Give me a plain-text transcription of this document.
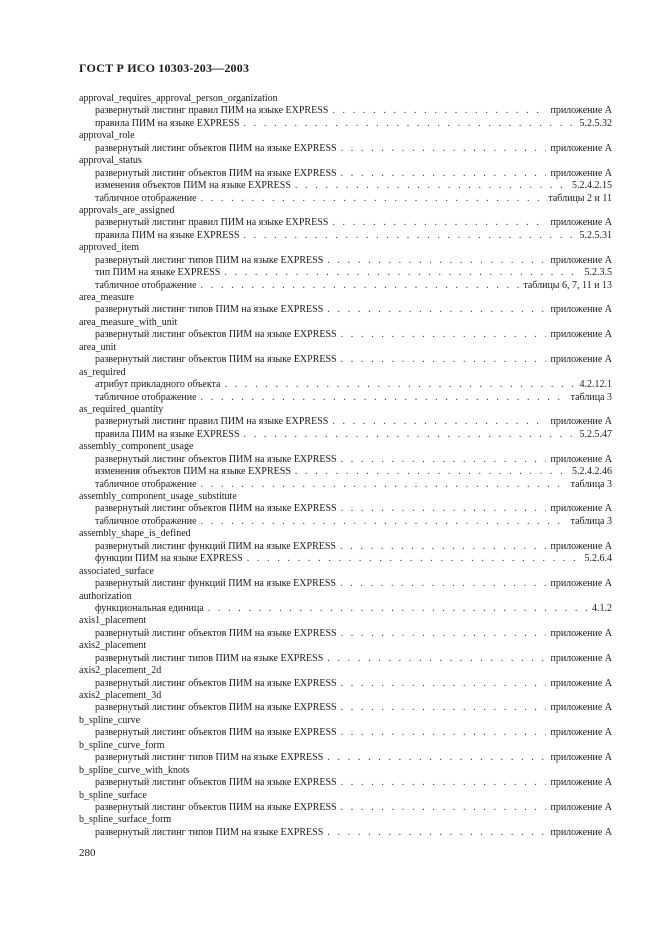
ГОСТ Р ИСО 10303-203—2003
approval_requires_approval_person_organization
развернутый листинг правил ПИМ на языке EXPRESS . . .	приложение А
правила ПИМ на языке EXPRESS . . .	5.2.5.32
approval_role
развернутый листинг объектов ПИМ на языке EXPRESS . . .	приложение А
approval_status
развернутый листинг объектов ПИМ на языке EXPRESS . . .	приложение А
изменения объектов ПИМ на языке EXPRESS . . .	5.2.4.2.15
табличное отображение . . .	таблицы 2 и 11
approvals_are_assigned
развернутый листинг правил ПИМ на языке EXPRESS . . .	приложение А
правила ПИМ на языке EXPRESS . . .	5.2.5.31
approved_item
развернутый листинг типов ПИМ на языке EXPRESS . . .	приложение А
тип ПИМ на языке EXPRESS . . .	5.2.3.5
табличное отображение . . .	таблицы 6, 7, 11 и 13
area_measure
развернутый листинг типов ПИМ на языке EXPRESS . . .	приложение А
area_measure_with_unit
развернутый листинг объектов ПИМ на языке EXPRESS . . .	приложение А
area_unit
развернутый листинг объектов ПИМ на языке EXPRESS . . .	приложение А
as_required
атрибут прикладного объекта . . .	4.2.12.1
табличное отображение . . .	таблица 3
as_required_quantity
развернутый листинг правил ПИМ на языке EXPRESS . . .	приложение А
правила ПИМ на языке EXPRESS . . .	5.2.5.47
assembly_component_usage
развернутый листинг объектов ПИМ на языке EXPRESS . . .	приложение А
изменения объектов ПИМ на языке EXPRESS . . .	5.2.4.2.46
табличное отображение . . .	таблица 3
assembly_component_usage_substitute
развернутый листинг объектов ПИМ на языке EXPRESS . . .	приложение А
табличное отображение . . .	таблица 3
assembly_shape_is_defined
развернутый листинг функций ПИМ на языке EXPRESS . . .	приложение А
функции ПИМ на языке EXPRESS . . .	5.2.6.4
associated_surface
развернутый листинг функций ПИМ на языке EXPRESS . . .	приложение А
authorization
функциональная единица . . .	4.1.2
axis1_placement
развернутый листинг объектов ПИМ на языке EXPRESS . . .	приложение А
axis2_placement
развернутый листинг типов ПИМ на языке EXPRESS . . .	приложение А
axis2_placement_2d
развернутый листинг объектов ПИМ на языке EXPRESS . . .	приложение А
axis2_placement_3d
развернутый листинг объектов ПИМ на языке EXPRESS . . .	приложение А
b_spline_curve
развернутый листинг объектов ПИМ на языке EXPRESS . . .	приложение А
b_spline_curve_form
развернутый листинг типов ПИМ на языке EXPRESS . . .	приложение А
b_spline_curve_with_knots
развернутый листинг объектов ПИМ на языке EXPRESS . . .	приложение А
b_spline_surface
развернутый листинг объектов ПИМ на языке EXPRESS . . .	приложение А
b_spline_surface_form
развернутый листинг типов ПИМ на языке EXPRESS . . .	приложение А
280
